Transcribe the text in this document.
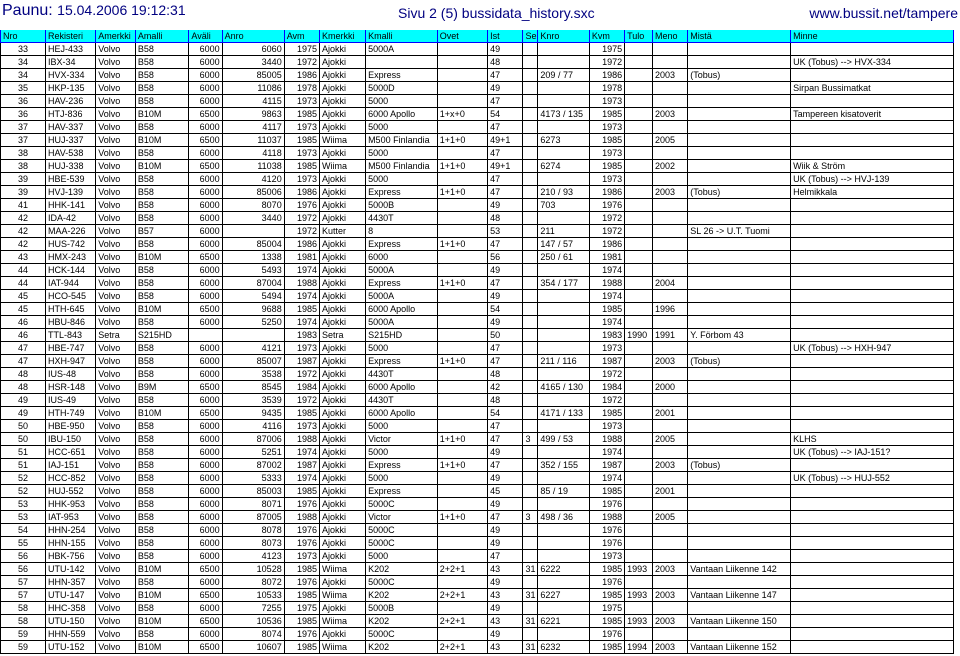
Paunu: 15.04.2006 19:12:31	Sivu 2 (5) bussidata_history.sxc	www.bussit.net/tampere
Nro	Rekisteri	Amerkki	Amalli	Aväli	Anro	Avm	Kmerkki	Kmalli	Ovet	Ist	Se	Knro	Kvm	Tulo	Meno	Mistä	Minne
33	HEJ-433	Volvo	B58	6000	6060	1975	Ajokki	5000A		49			1975				
34	IBX-34	Volvo	B58	6000	3440	1972	Ajokki			48			1972				UK (Tobus) --> HVX-334
34	HVX-334	Volvo	B58	6000	85005	1986	Ajokki	Express		47		209 / 77	1986		2003	(Tobus)	
35	HKP-135	Volvo	B58	6000	11086	1978	Ajokki	5000D		49			1978				Sirpan Bussimatkat
36	HAV-236	Volvo	B58	6000	4115	1973	Ajokki	5000		47			1973				
36	HTJ-836	Volvo	B10M	6500	9863	1985	Ajokki	6000 Apollo	1+x+0	54		4173 / 135	1985		2003		Tampereen kisatoverit
37	HAV-337	Volvo	B58	6000	4117	1973	Ajokki	5000		47			1973				
37	HUJ-337	Volvo	B10M	6500	11037	1985	Wiima	M500 Finlandia	1+1+0	49+1		6273	1985		2005		
38	HAV-538	Volvo	B58	6000	4118	1973	Ajokki	5000		47			1973				
38	HUJ-338	Volvo	B10M	6500	11038	1985	Wiima	M500 Finlandia	1+1+0	49+1		6274	1985		2002		Wiik & Ström
39	HBE-539	Volvo	B58	6000	4120	1973	Ajokki	5000		47			1973				UK (Tobus) --> HVJ-139
39	HVJ-139	Volvo	B58	6000	85006	1986	Ajokki	Express	1+1+0	47		210 / 93	1986		2003	(Tobus)	Helmikkala
41	HHK-141	Volvo	B58	6000	8070	1976	Ajokki	5000B		49		703	1976				
42	IDA-42	Volvo	B58	6000	3440	1972	Ajokki	4430T		48			1972				
42	MAA-226	Volvo	B57	6000		1972	Kutter	8		53		211	1972			SL 26 -> U.T. Tuomi	
42	HUS-742	Volvo	B58	6000	85004	1986	Ajokki	Express	1+1+0	47		147 / 57	1986				
43	HMX-243	Volvo	B10M	6500	1338	1981	Ajokki	6000		56		250 / 61	1981				
44	HCK-144	Volvo	B58	6000	5493	1974	Ajokki	5000A		49			1974				
44	IAT-944	Volvo	B58	6000	87004	1988	Ajokki	Express	1+1+0	47		354 / 177	1988		2004		
45	HCO-545	Volvo	B58	6000	5494	1974	Ajokki	5000A		49			1974				
45	HTH-645	Volvo	B10M	6500	9688	1985	Ajokki	6000 Apollo		54			1985		1996		
46	HBU-846	Volvo	B58	6000	5250	1974	Ajokki	5000A		49			1974				
46	TTL-843	Setra	S215HD			1983	Setra	S215HD		50			1983	1990	1991	Y. Förbom 43	
47	HBE-747	Volvo	B58	6000	4121	1973	Ajokki	5000		47			1973				UK (Tobus) --> HXH-947
47	HXH-947	Volvo	B58	6000	85007	1987	Ajokki	Express	1+1+0	47		211 / 116	1987		2003	(Tobus)	
48	IUS-48	Volvo	B58	6000	3538	1972	Ajokki	4430T		48			1972				
48	HSR-148	Volvo	B9M	6500	8545	1984	Ajokki	6000 Apollo		42		4165 / 130	1984		2000		
49	IUS-49	Volvo	B58	6000	3539	1972	Ajokki	4430T		48			1972				
49	HTH-749	Volvo	B10M	6500	9435	1985	Ajokki	6000 Apollo		54		4171 / 133	1985		2001		
50	HBE-950	Volvo	B58	6000	4116	1973	Ajokki	5000		47			1973				
50	IBU-150	Volvo	B58	6000	87006	1988	Ajokki	Victor	1+1+0	47	3	499 / 53	1988		2005		KLHS
51	HCC-651	Volvo	B58	6000	5251	1974	Ajokki	5000		49			1974				UK (Tobus) --> IAJ-151?
51	IAJ-151	Volvo	B58	6000	87002	1987	Ajokki	Express	1+1+0	47		352 / 155	1987		2003	(Tobus)	
52	HCC-852	Volvo	B58	6000	5333	1974	Ajokki	5000		49			1974				UK (Tobus) --> HUJ-552
52	HUJ-552	Volvo	B58	6000	85003	1985	Ajokki	Express		45		85 / 19	1985		2001		
53	HHK-953	Volvo	B58	6000	8071	1976	Ajokki	5000C		49			1976				
53	IAT-953	Volvo	B58	6000	87005	1988	Ajokki	Victor	1+1+0	47	3	498 / 36	1988		2005		
54	HHN-254	Volvo	B58	6000	8078	1976	Ajokki	5000C		49			1976				
55	HHN-155	Volvo	B58	6000	8073	1976	Ajokki	5000C		49			1976				
56	HBK-756	Volvo	B58	6000	4123	1973	Ajokki	5000		47			1973				
56	UTU-142	Volvo	B10M	6500	10528	1985	Wiima	K202	2+2+1	43	31	6222	1985	1993	2003	Vantaan Liikenne 142	
57	HHN-357	Volvo	B58	6000	8072	1976	Ajokki	5000C		49			1976				
57	UTU-147	Volvo	B10M	6500	10533	1985	Wiima	K202	2+2+1	43	31	6227	1985	1993	2003	Vantaan Liikenne 147	
58	HHC-358	Volvo	B58	6000	7255	1975	Ajokki	5000B		49			1975				
58	UTU-150	Volvo	B10M	6500	10536	1985	Wiima	K202	2+2+1	43	31	6221	1985	1993	2003	Vantaan Liikenne 150	
59	HHN-559	Volvo	B58	6000	8074	1976	Ajokki	5000C		49			1976				
59	UTU-152	Volvo	B10M	6500	10607	1985	Wiima	K202	2+2+1	43	31	6232	1985	1994	2003	Vantaan Liikenne 152	
